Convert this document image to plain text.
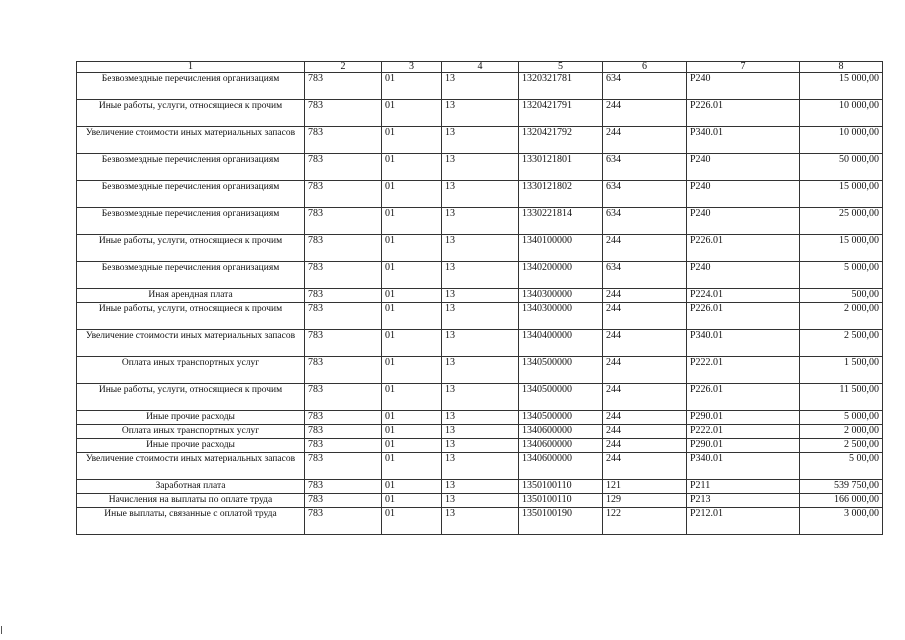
1	2	3	4	5	6	7	8
Безвозмездные перечисления организациям	783	01	13	1320321781	634	Р240	15 000,00
Иные работы, услуги, относящиеся к прочим	783	01	13	1320421791	244	Р226.01	10 000,00
Увеличение стоимости иных материальных запасов	783	01	13	1320421792	244	Р340.01	10 000,00
Безвозмездные перечисления организациям	783	01	13	1330121801	634	Р240	50 000,00
Безвозмездные перечисления организациям	783	01	13	1330121802	634	Р240	15 000,00
Безвозмездные перечисления организациям	783	01	13	1330221814	634	Р240	25 000,00
Иные работы, услуги, относящиеся к прочим	783	01	13	1340100000	244	Р226.01	15 000,00
Безвозмездные перечисления организациям	783	01	13	1340200000	634	Р240	5 000,00
Иная арендная плата	783	01	13	1340300000	244	Р224.01	500,00
Иные работы, услуги, относящиеся к прочим	783	01	13	1340300000	244	Р226.01	2 000,00
Увеличение стоимости иных материальных запасов	783	01	13	1340400000	244	Р340.01	2 500,00
Оплата иных транспортных услуг	783	01	13	1340500000	244	Р222.01	1 500,00
Иные работы, услуги, относящиеся к прочим	783	01	13	1340500000	244	Р226.01	11 500,00
Иные прочие расходы	783	01	13	1340500000	244	Р290.01	5 000,00
Оплата иных транспортных услуг	783	01	13	1340600000	244	Р222.01	2 000,00
Иные прочие расходы	783	01	13	1340600000	244	Р290.01	2 500,00
Увеличение стоимости иных материальных запасов	783	01	13	1340600000	244	Р340.01	5 00,00
Заработная плата	783	01	13	1350100110	121	Р211	539 750,00
Начисления на выплаты по оплате труда	783	01	13	1350100110	129	Р213	166 000,00
Иные выплаты, связанные с оплатой труда	783	01	13	1350100190	122	Р212.01	3 000,00
